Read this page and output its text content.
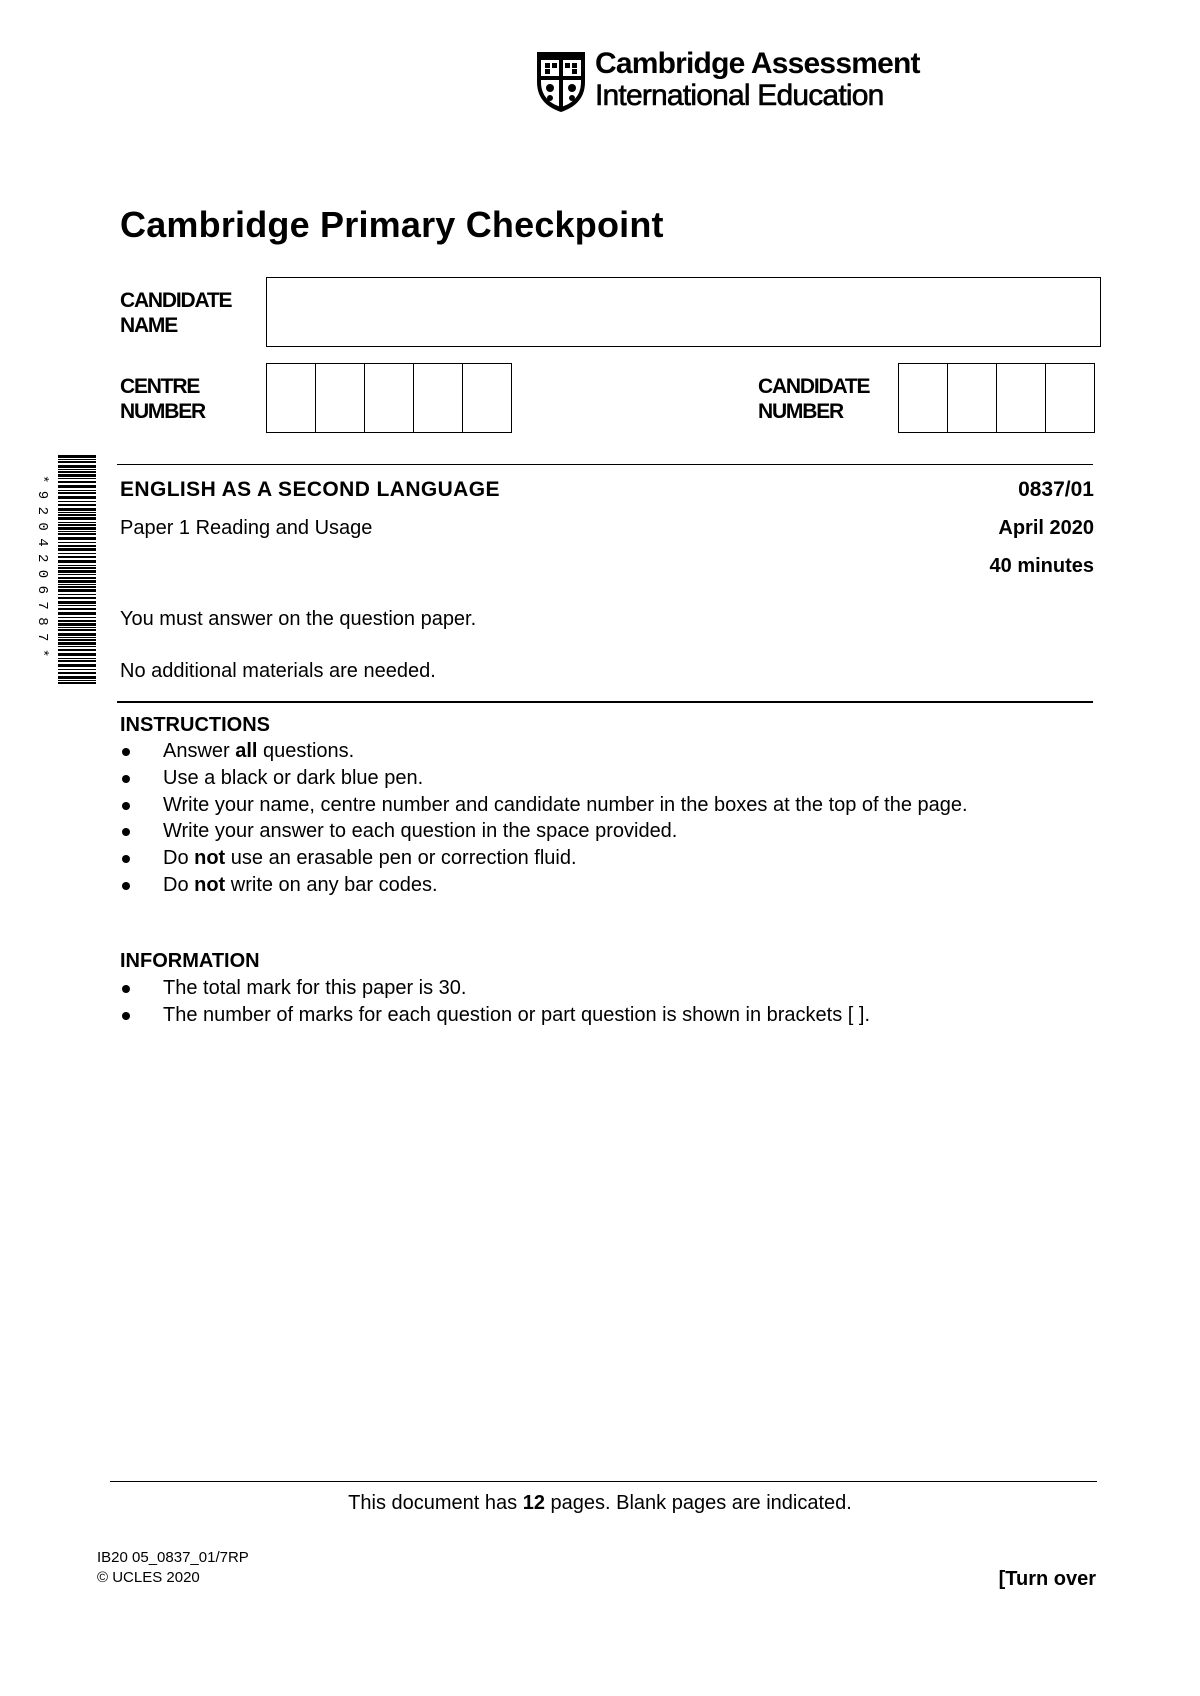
Cambridge Assessment
International Education
Cambridge Primary Checkpoint
CANDIDATE
NAME
CENTRE
NUMBER
CANDIDATE
NUMBER
*9204206787*	ENGLISH AS A SECOND LANGUAGE	0837/01
Paper 1 Reading and Usage	April 2020
40 minutes
You must answer on the question paper.
No additional materials are needed.
INSTRUCTIONS
Answer all questions.
Use a black or dark blue pen.
Write your name, centre number and candidate number in the boxes at the top of the page.
Write your answer to each question in the space provided.
Do not use an erasable pen or correction fluid.
Do not write on any bar codes.
INFORMATION
The total mark for this paper is 30.
The number of marks for each question or part question is shown in brackets [ ].
This document has 12 pages. Blank pages are indicated.
IB20 05_0837_01/7RP
© UCLES 2020	[Turn over
